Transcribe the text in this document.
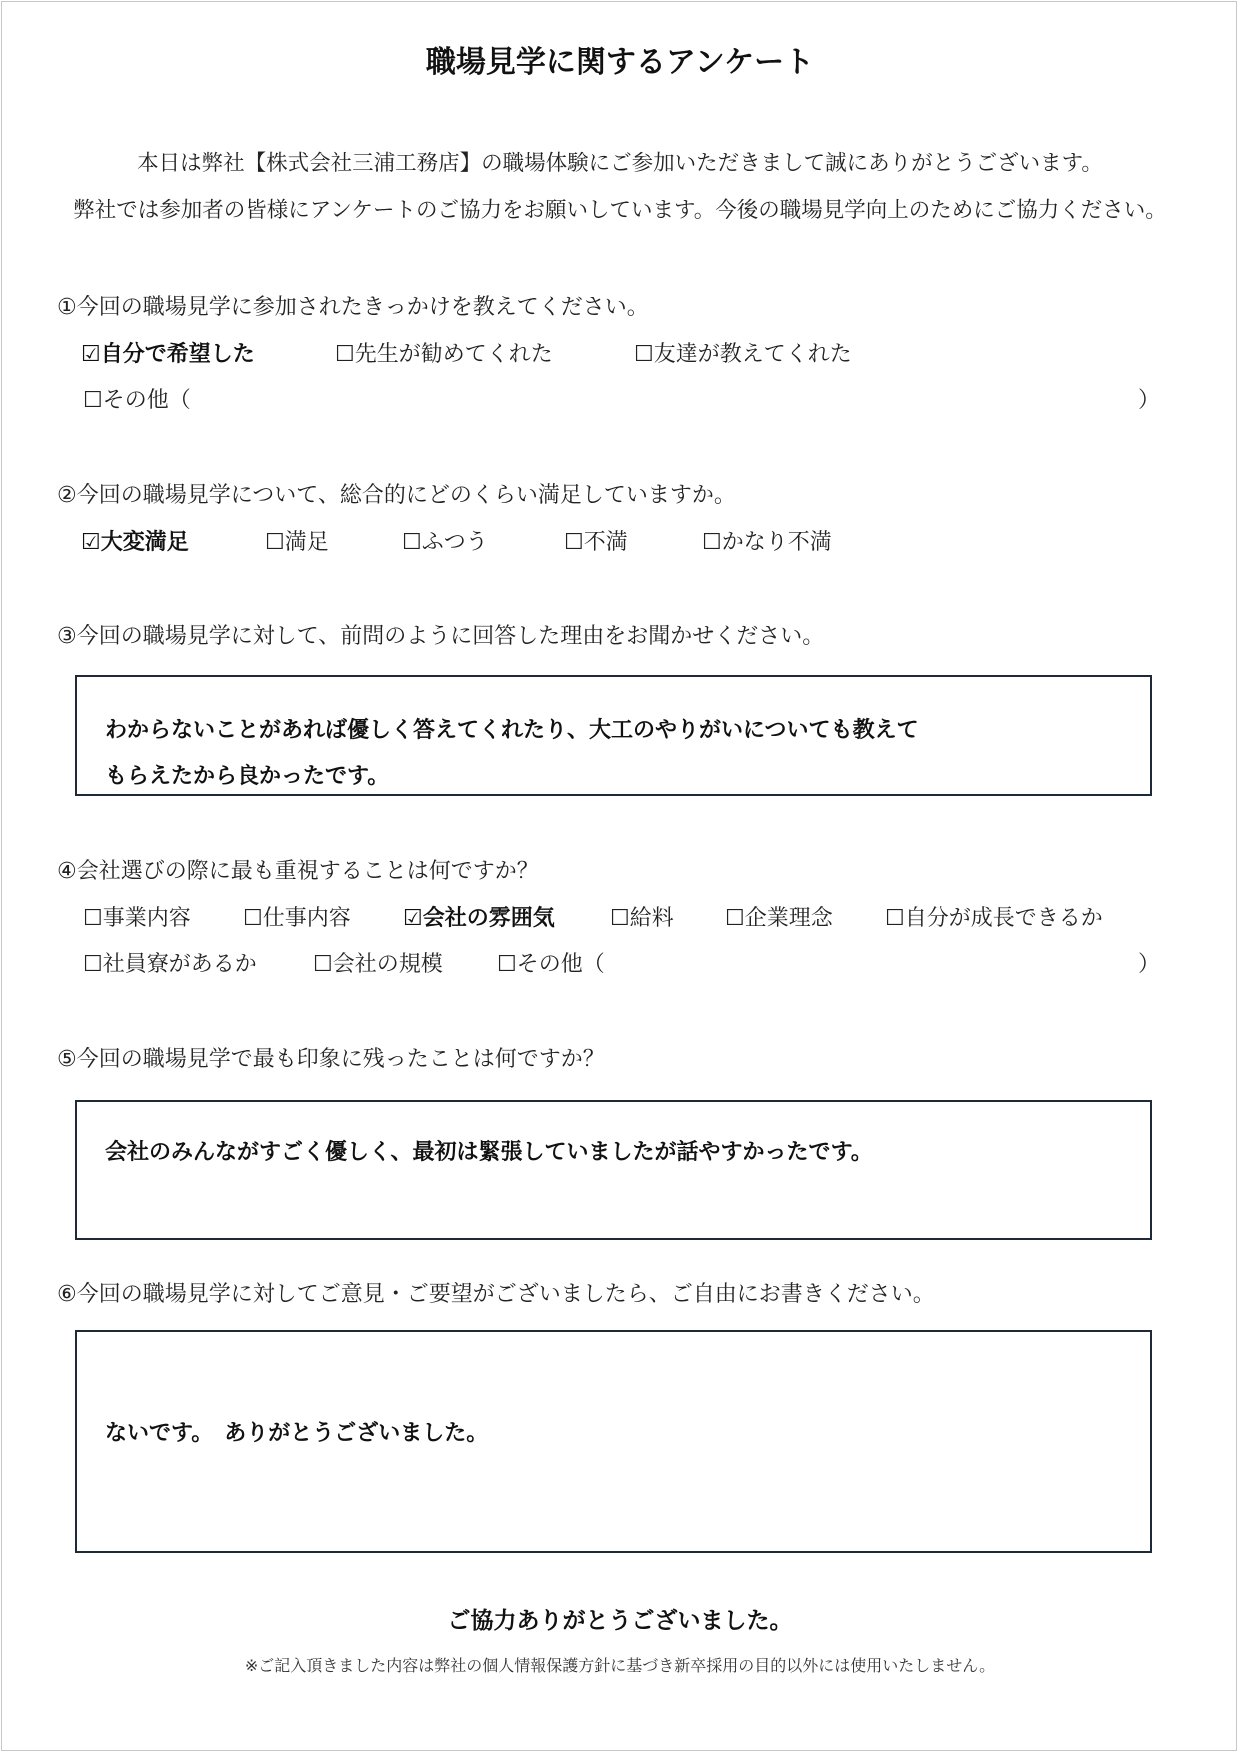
職場見学に関するアンケート
本日は弊社【株式会社三浦工務店】の職場体験にご参加いただきまして誠にありがとうございます。
弊社では参加者の皆様にアンケートのご協力をお願いしています。今後の職場見学向上のためにご協力ください。
①今回の職場見学に参加されたきっかけを教えてください。
☑自分で希望した	☐先生が勧めてくれた	☐友達が教えてくれた
☐その他（	）
②今回の職場見学について、総合的にどのくらい満足していますか。
☑大変満足	☐満足	☐ふつう	☐不満	☐かなり不満
③今回の職場見学に対して、前問のように回答した理由をお聞かせください。
わからないことがあれば優しく答えてくれたり、大工のやりがいについても教えて
もらえたから良かったです。
④会社選びの際に最も重視することは何ですか？
☐事業内容 ☐仕事内容 ☑会社の雰囲気	☐給料 ☐企業理念 ☐自分が成長できるか
☐社員寮があるか	☐会社の規模 ☐その他（	）
⑤今回の職場見学で最も印象に残ったことは何ですか？
会社のみんながすごく優しく、最初は緊張していましたが話やすかったです。
⑥今回の職場見学に対してご意見・ご要望がございましたら、ご自由にお書きください。
ないです。　ありがとうございました。
ご協力ありがとうございました。
※ご記入頂きました内容は弊社の個人情報保護方針に基づき新卒採用の目的以外には使用いたしません。
